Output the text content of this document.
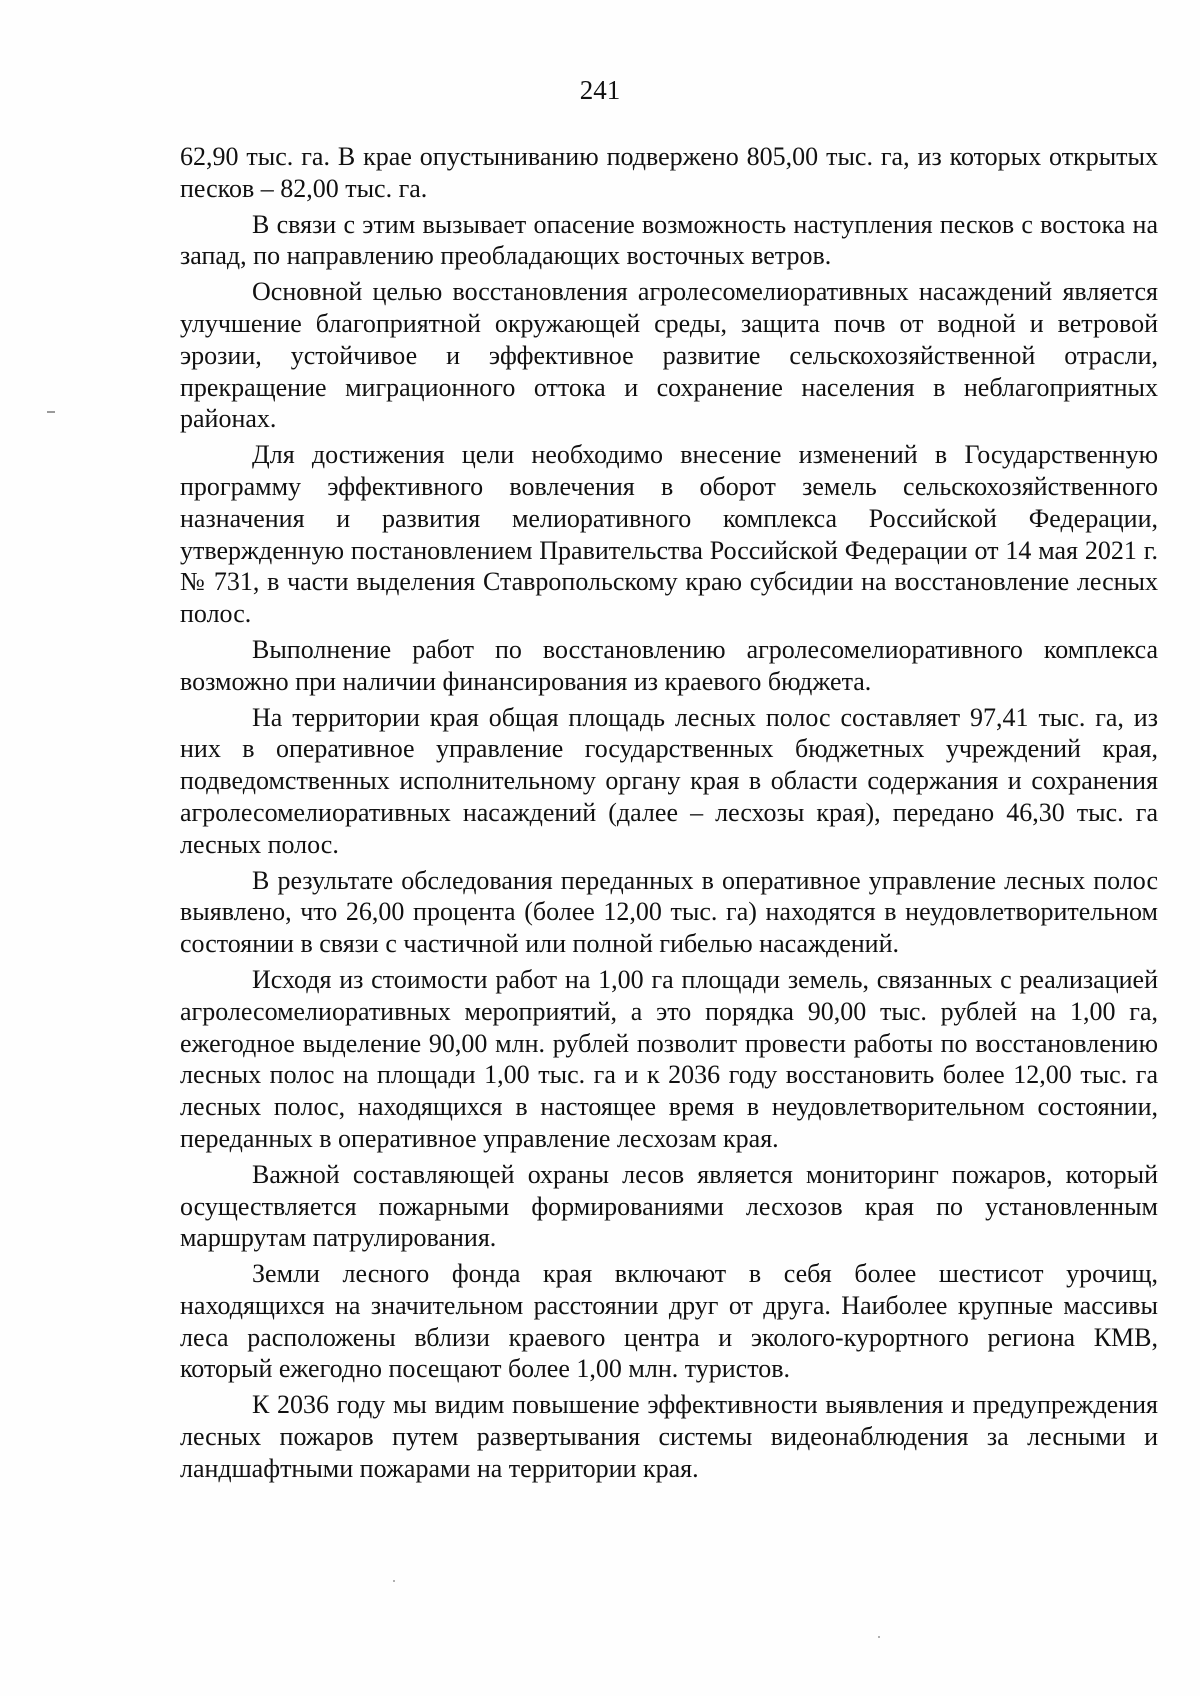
241

62,90 тыс. га. В крае опустыниванию подвержено 805,00 тыс. га, из которых открытых песков – 82,00 тыс. га.

В связи с этим вызывает опасение возможность наступления песков с востока на запад, по направлению преобладающих восточных ветров.

Основной целью восстановления агролесомелиоративных насаждений является улучшение благоприятной окружающей среды, защита почв от водной и ветровой эрозии, устойчивое и эффективное развитие сельскохозяйственной отрасли, прекращение миграционного оттока и сохранение населения в неблагоприятных районах.

Для достижения цели необходимо внесение изменений в Государственную программу эффективного вовлечения в оборот земель сельскохозяйственного назначения и развития мелиоративного комплекса Российской Федерации, утвержденную постановлением Правительства Российской Федерации от 14 мая 2021 г. № 731, в части выделения Ставропольскому краю субсидии на восстановление лесных полос.

Выполнение работ по восстановлению агролесомелиоративного комплекса возможно при наличии финансирования из краевого бюджета.

На территории края общая площадь лесных полос составляет 97,41 тыс. га, из них в оперативное управление государственных бюджетных учреждений края, подведомственных исполнительному органу края в области содержания и сохранения агролесомелиоративных насаждений (далее – лесхозы края), передано 46,30 тыс. га лесных полос.

В результате обследования переданных в оперативное управление лесных полос выявлено, что 26,00 процента (более 12,00 тыс. га) находятся в неудовлетворительном состоянии в связи с частичной или полной гибелью насаждений.

Исходя из стоимости работ на 1,00 га площади земель, связанных с реализацией агролесомелиоративных мероприятий, а это порядка 90,00 тыс. рублей на 1,00 га, ежегодное выделение 90,00 млн. рублей позволит провести работы по восстановлению лесных полос на площади 1,00 тыс. га и к 2036 году восстановить более 12,00 тыс. га лесных полос, находящихся в настоящее время в неудовлетворительном состоянии, переданных в оперативное управление лесхозам края.

Важной составляющей охраны лесов является мониторинг пожаров, который осуществляется пожарными формированиями лесхозов края по установленным маршрутам патрулирования.

Земли лесного фонда края включают в себя более шестисот урочищ, находящихся на значительном расстоянии друг от друга. Наиболее крупные массивы леса расположены вблизи краевого центра и эколого-курортного региона КМВ, который ежегодно посещают более 1,00 млн. туристов.

К 2036 году мы видим повышение эффективности выявления и предупреждения лесных пожаров путем развертывания системы видеонаблюдения за лесными и ландшафтными пожарами на территории края.
